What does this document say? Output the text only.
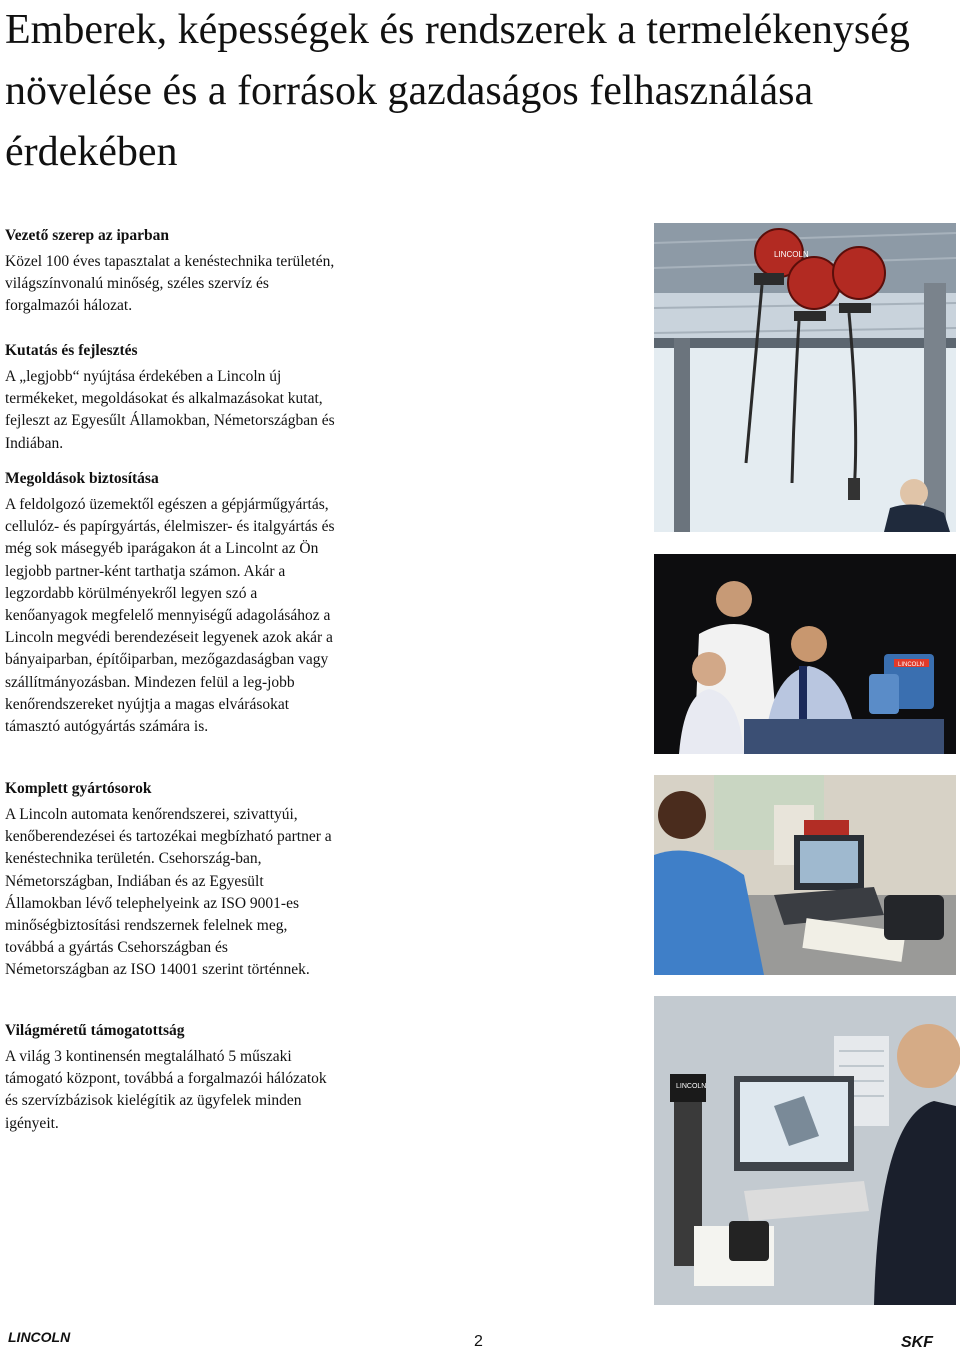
Emberek, képességek és rendszerek a termelékenység növelése és a források gazdaságos felhasználása érdekében
Vezető szerep az iparban

Közel 100 éves tapasztalat a kenéstechnika területén, világszínvonalú minőség, széles szervíz és forgalmazói hálozat.

Kutatás és fejlesztés

A „legjobb“ nyújtása érdekében a Lincoln új termékeket, megoldásokat és alkalmazásokat kutat, fejleszt az Egyesűlt Államokban, Németországban és Indiában.

Megoldások biztosítása

A feldolgozó üzemektől egészen a gépjárműgyártás, cellulóz- és papírgyártás, élelmiszer- és italgyártás és még sok másegyéb iparágakon át a Lincolnt az Ön legjobb partner-ként tarthatja számon. Akár a legzordabb körülményekről legyen szó a kenőanyagok megfelelő mennyiségű adagolásához a Lincoln megvédi berendezéseit legyenek azok akár a bányaiparban, építőiparban, mezőgazdaságban vagy szállítmányozásban. Mindezen felül a leg-jobb kenőrendszereket nyújtja a magas elvárásokat támasztó autógyártás számára is.

Komplett gyártósorok

A Lincoln automata kenőrendszerei, szivattyúi, kenőberendezései és tartozékai megbízható partner a kenéstechnika területén. Csehország-ban, Németországban, Indiában és az Egyesült Államokban lévő telephelyeink az ISO 9001-es minőségbiztosítási rendszernek felelnek meg, továbbá a gyártás Csehországban és Németországban az ISO 14001 szerint történnek.

Világméretű támogatottság

A világ 3 kontinensén megtalálható 5 műszaki támogató központ, továbbá a forgalmazói hálózatok és szervízbázisok kielégítik az ügyfelek minden igényeit.

LINCOLN
LINCOLN
LINCOLN
LINCOLN	2	SKF
